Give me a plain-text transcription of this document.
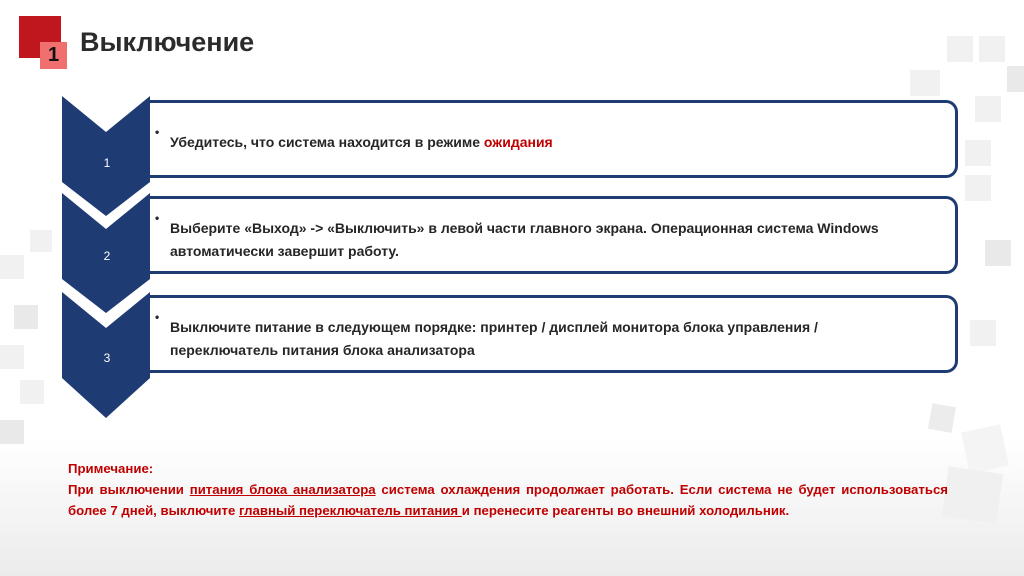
1 Выключение
1
• Убедитесь, что система находится в режиме ожидания
2
• Выберите «Выход» -> «Выключить» в левой части главного экрана. Операционная система Windows автоматически завершит работу.
3
• Выключите питание в следующем порядке: принтер / дисплей монитора блока управления / переключатель питания блока анализатора
Примечание:
При выключении питания блока анализатора система охлаждения продолжает работать. Если система не будет использоваться более 7 дней, выключите главный переключатель питания и перенесите реагенты во внешний холодильник.
